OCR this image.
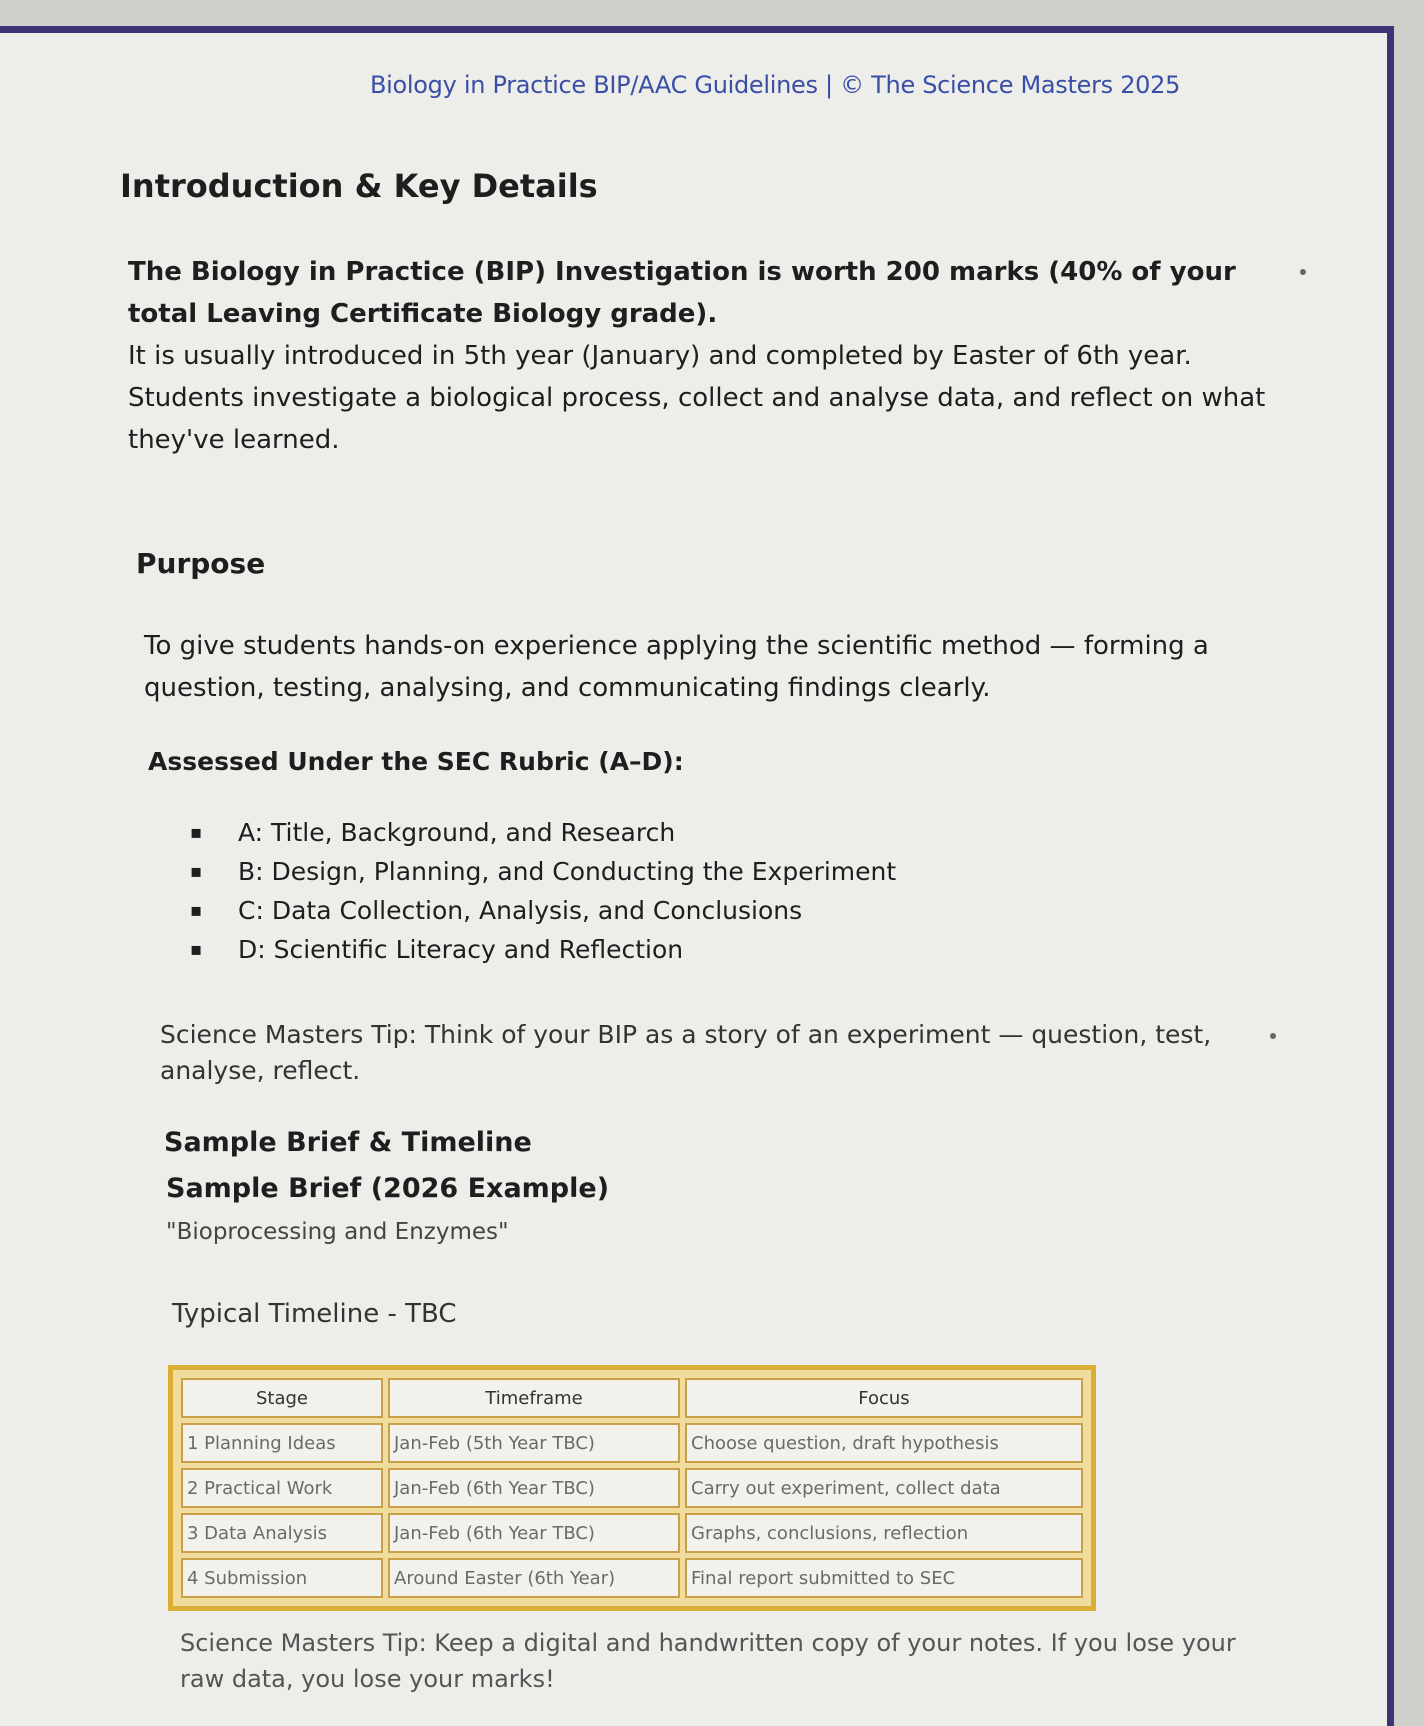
Biology in Practice BIP/AAC Guidelines | © The Science Masters 2025
Introduction & Key Details
The Biology in Practice (BIP) Investigation is worth 200 marks (40% of your total Leaving Certificate Biology grade).
It is usually introduced in 5th year (January) and completed by Easter of 6th year.
Students investigate a biological process, collect and analyse data, and reflect on what they've learned.
Purpose
To give students hands-on experience applying the scientific method — forming a question, testing, analysing, and communicating findings clearly.
Assessed Under the SEC Rubric (A–D):
▪ A: Title, Background, and Research
▪ B: Design, Planning, and Conducting the Experiment
▪ C: Data Collection, Analysis, and Conclusions
▪ D: Scientific Literacy and Reflection
Science Masters Tip: Think of your BIP as a story of an experiment — question, test, analyse, reflect.
Sample Brief & Timeline
Sample Brief (2026 Example)
"Bioprocessing and Enzymes"
Typical Timeline - TBC
Stage	Timeframe	Focus
1 Planning Ideas	Jan-Feb (5th Year TBC)	Choose question, draft hypothesis
2 Practical Work	Jan-Feb (6th Year TBC)	Carry out experiment, collect data
3 Data Analysis	Jan-Feb (6th Year TBC)	Graphs, conclusions, reflection
4 Submission	Around Easter (6th Year)	Final report submitted to SEC
Science Masters Tip: Keep a digital and handwritten copy of your notes. If you lose your raw data, you lose your marks!
